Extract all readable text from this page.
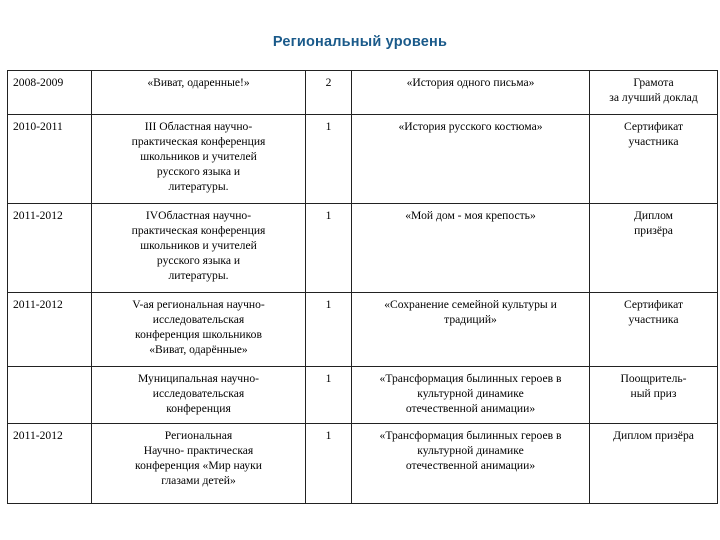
Региональный уровень
2008-2009	«Виват, одаренные!»	2	«История одного письма»	Грамота
за лучший доклад

2010-2011	III Областная научно-
практическая конференция
школьников и учителей
русского языка и
литературы.	1	«История русского костюма»	Сертификат
участника

2011-2012	IVОбластная научно-
практическая конференция
школьников и учителей
русского языка и
литературы.	1	«Мой дом - моя крепость»	Диплом
призёра

2011-2012	V-ая региональная научно-
исследовательская
конференция школьников
«Виват, одарённые»	1	«Сохранение семейной культуры и
традиций»	Сертификат
участника

	Муниципальная научно-
исследовательская
конференция	1	«Трансформация былинных героев в
культурной динамике
отечественной анимации»	Поощритель-
ный приз

2011-2012	Региональная
Научно- практическая
конференция «Мир науки
глазами детей»	1	«Трансформация былинных героев в
культурной динамике
отечественной анимации»	Диплом призёра
